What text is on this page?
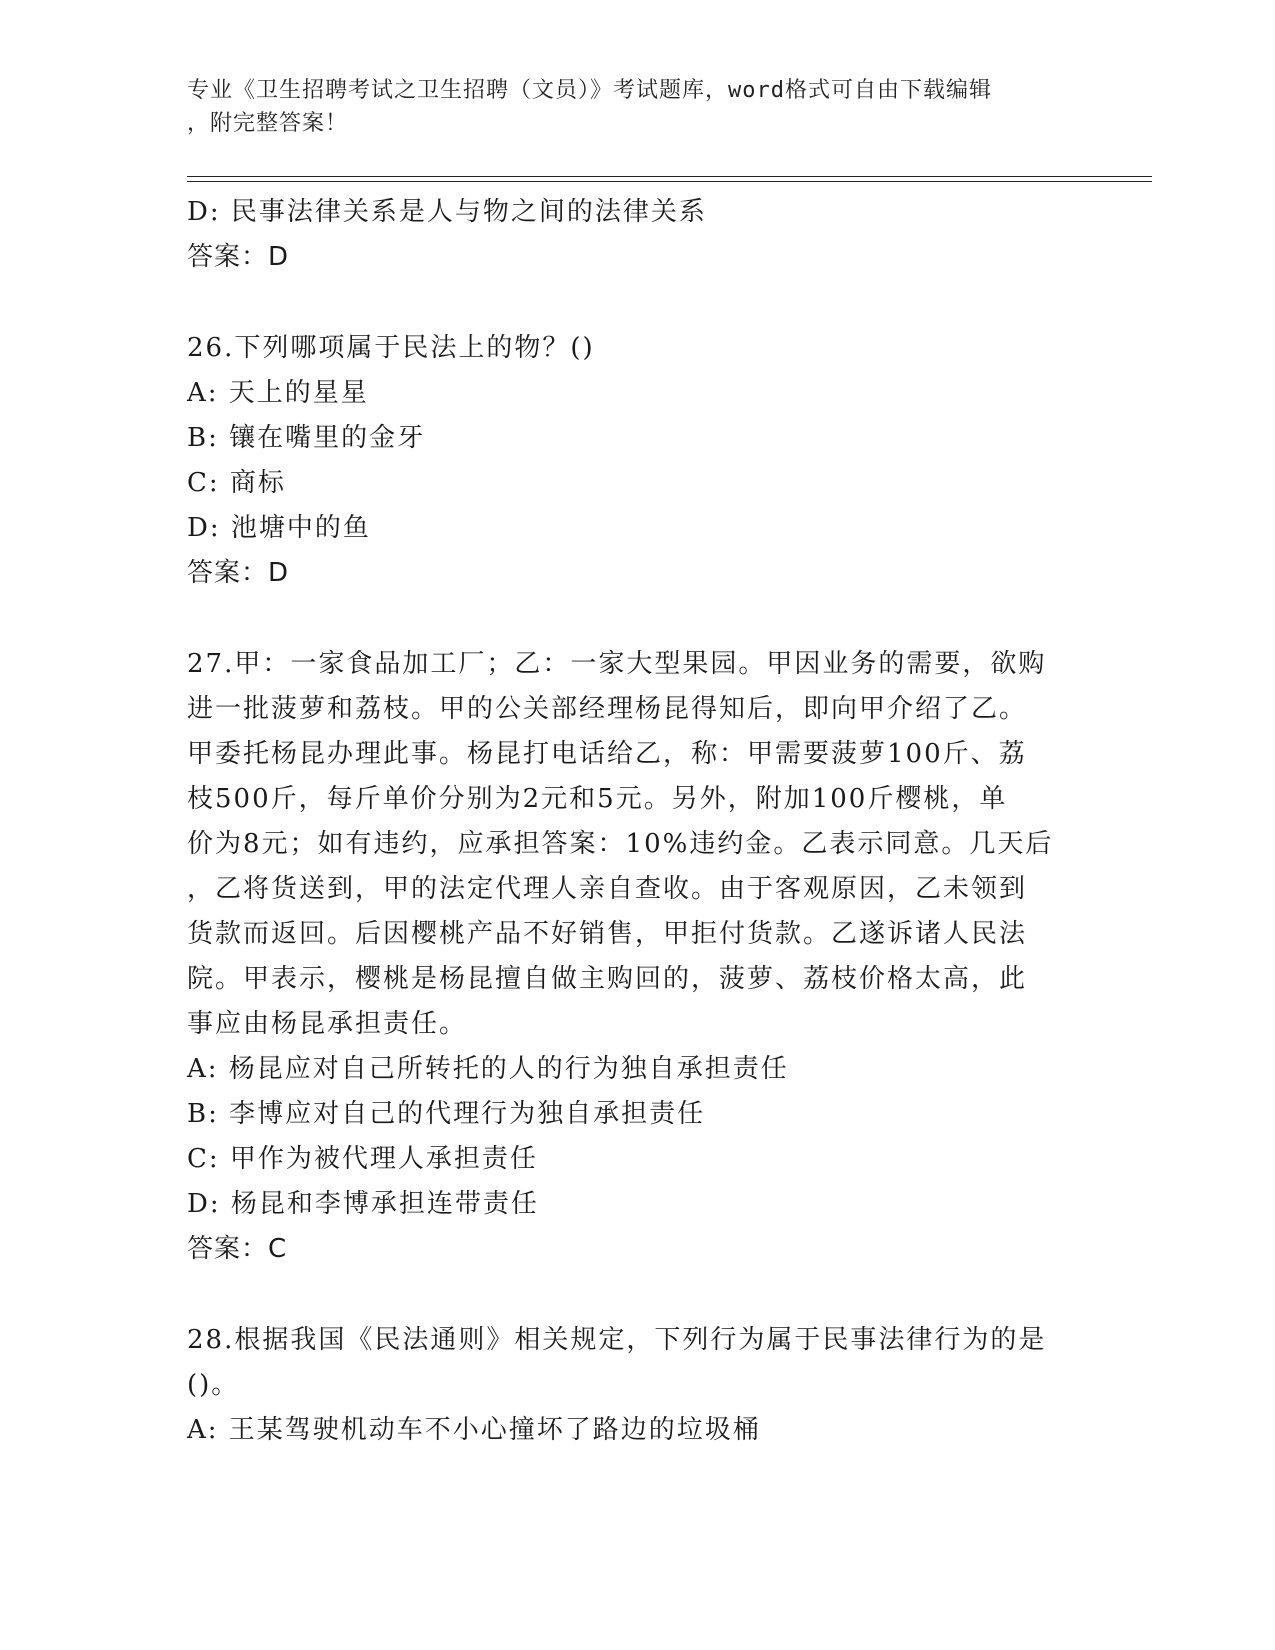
专业《卫生招聘考试之卫生招聘（文员）》考试题库，word格式可自由下载编辑
，附完整答案！
D: 民事法律关系是人与物之间的法律关系
答案：D
26.下列哪项属于民法上的物？()
A: 天上的星星
B: 镶在嘴里的金牙
C: 商标
D: 池塘中的鱼
答案：D
27.甲：一家食品加工厂；乙：一家大型果园。甲因业务的需要，欲购
进一批菠萝和荔枝。甲的公关部经理杨昆得知后，即向甲介绍了乙。
甲委托杨昆办理此事。杨昆打电话给乙，称：甲需要菠萝100斤、荔
枝500斤，每斤单价分别为2元和5元。另外，附加100斤樱桃，单
价为8元；如有违约，应承担答案：10%违约金。乙表示同意。几天后
，乙将货送到，甲的法定代理人亲自查收。由于客观原因，乙未领到
货款而返回。后因樱桃产品不好销售，甲拒付货款。乙遂诉诸人民法
院。甲表示，樱桃是杨昆擅自做主购回的，菠萝、荔枝价格太高，此
事应由杨昆承担责任。
A: 杨昆应对自己所转托的人的行为独自承担责任
B: 李博应对自己的代理行为独自承担责任
C: 甲作为被代理人承担责任
D: 杨昆和李博承担连带责任
答案：C
28.根据我国《民法通则》相关规定，下列行为属于民事法律行为的是
()。
A: 王某驾驶机动车不小心撞坏了路边的垃圾桶
